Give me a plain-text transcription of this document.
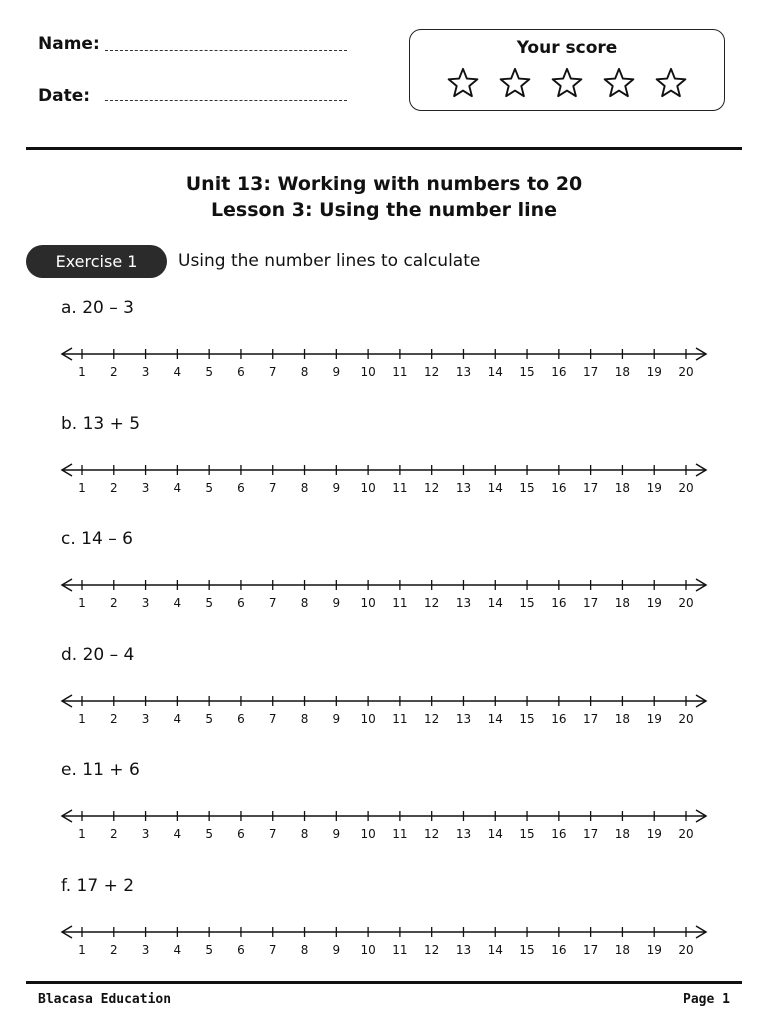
Name:
Date:
Your score
Unit 13: Working with numbers to 20
Lesson 3: Using the number line
Exercise 1	Using the number lines to calculate
a. 20 – 3
1 2 3 4 5 6 7 8 9 10 11 12 13 14 15 16 17 18 19 20
b. 13 + 5
1 2 3 4 5 6 7 8 9 10 11 12 13 14 15 16 17 18 19 20
c. 14 – 6
1 2 3 4 5 6 7 8 9 10 11 12 13 14 15 16 17 18 19 20
d. 20 – 4
1 2 3 4 5 6 7 8 9 10 11 12 13 14 15 16 17 18 19 20
e. 11 + 6
1 2 3 4 5 6 7 8 9 10 11 12 13 14 15 16 17 18 19 20
f. 17 + 2
1 2 3 4 5 6 7 8 9 10 11 12 13 14 15 16 17 18 19 20
Blacasa Education	Page 1
